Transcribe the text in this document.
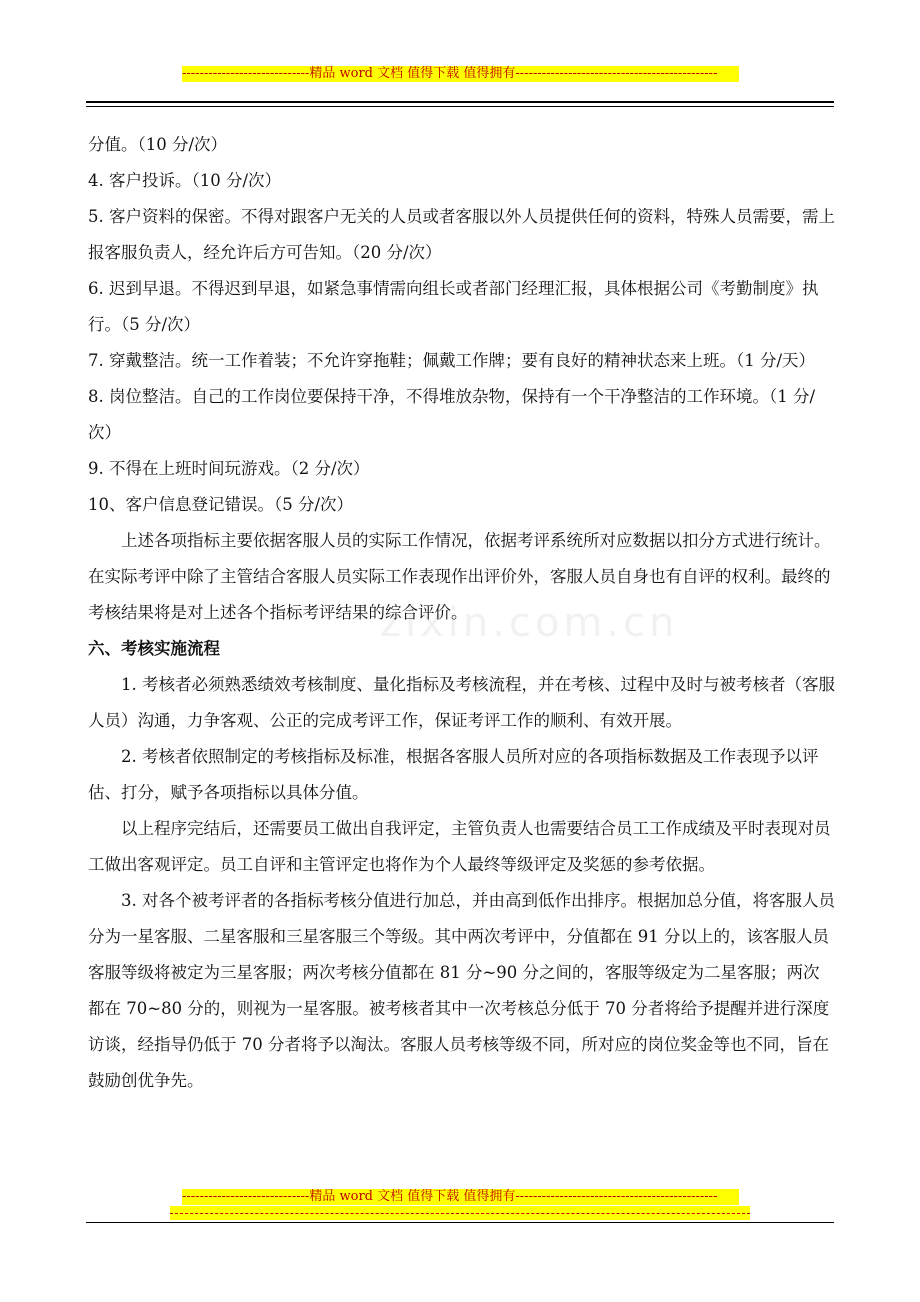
-----------------------------精品 word 文档 值得下载 值得拥有----------------------------------------------
zixin.com.cn

分值。（10 分/次）

4. 客户投诉。（10 分/次）

5. 客户资料的保密。不得对跟客户无关的人员或者客服以外人员提供任何的资料，特殊人员需要，需上报客服负责人，经允许后方可告知。（20 分/次）

6. 迟到早退。不得迟到早退，如紧急事情需向组长或者部门经理汇报，具体根据公司《考勤制度》执行。（5 分/次）

7. 穿戴整洁。统一工作着装；不允许穿拖鞋；佩戴工作牌；要有良好的精神状态来上班。（1 分/天）

8. 岗位整洁。自己的工作岗位要保持干净，不得堆放杂物，保持有一个干净整洁的工作环境。（1 分/次）

9. 不得在上班时间玩游戏。（2 分/次）

10、客户信息登记错误。（5 分/次）

上述各项指标主要依据客服人员的实际工作情况，依据考评系统所对应数据以扣分方式进行统计。在实际考评中除了主管结合客服人员实际工作表现作出评价外，客服人员自身也有自评的权利。最终的考核结果将是对上述各个指标考评结果的综合评价。

六、考核实施流程

1. 考核者必须熟悉绩效考核制度、量化指标及考核流程，并在考核、过程中及时与被考核者（客服人员）沟通，力争客观、公正的完成考评工作，保证考评工作的顺利、有效开展。

2. 考核者依照制定的考核指标及标准，根据各客服人员所对应的各项指标数据及工作表现予以评估、打分，赋予各项指标以具体分值。

以上程序完结后，还需要员工做出自我评定，主管负责人也需要结合员工工作成绩及平时表现对员工做出客观评定。员工自评和主管评定也将作为个人最终等级评定及奖惩的参考依据。

3. 对各个被考评者的各指标考核分值进行加总，并由高到低作出排序。根据加总分值，将客服人员分为一星客服、二星客服和三星客服三个等级。其中两次考评中，分值都在 91 分以上的，该客服人员客服等级将被定为三星客服；两次考核分值都在 81 分~90 分之间的，客服等级定为二星客服；两次都在 70~80 分的，则视为一星客服。被考核者其中一次考核总分低于 70 分者将给予提醒并进行深度访谈，经指导仍低于 70 分者将予以淘汰。客服人员考核等级不同，所对应的岗位奖金等也不同，旨在鼓励创优争先。

-----------------------------精品 word 文档 值得下载 值得拥有----------------------------------------------
